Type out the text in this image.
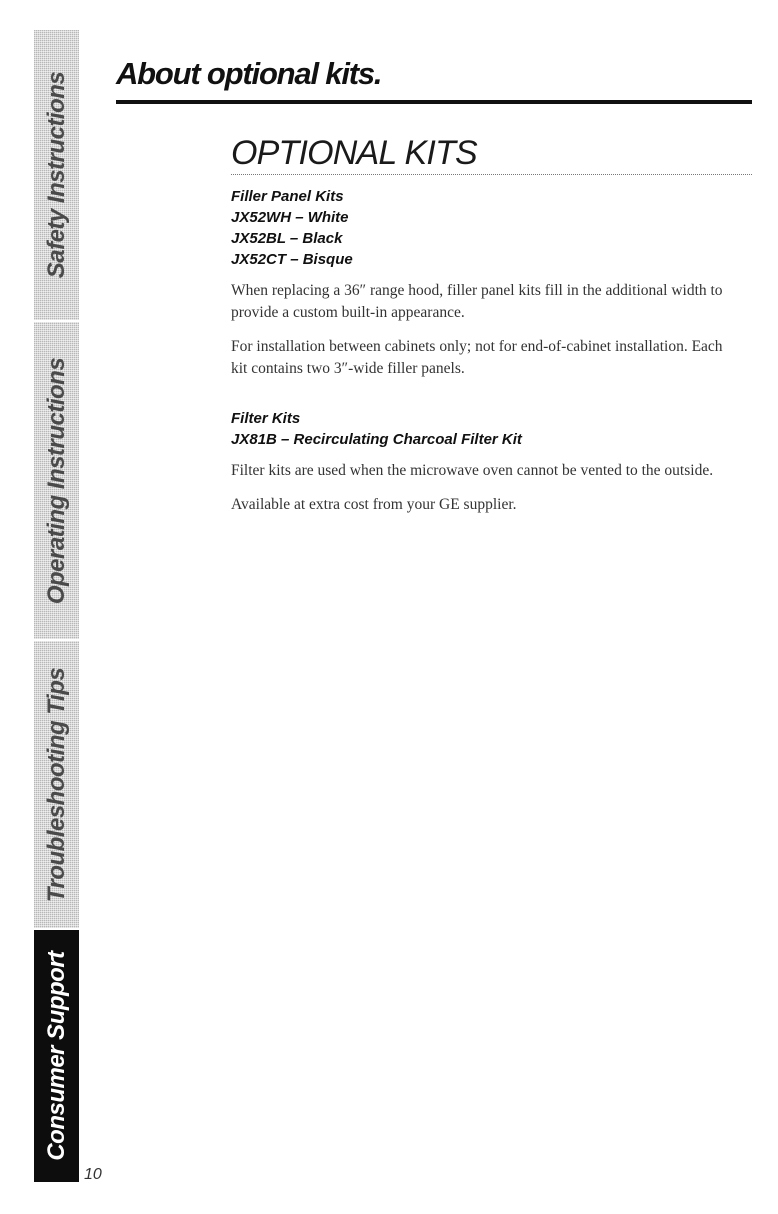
Safety Instructions
Operating Instructions
Troubleshooting Tips
Consumer Support
About optional kits.
OPTIONAL KITS

Filler Panel Kits

JX52WH – White

JX52BL – Black

JX52CT – Bisque

When replacing a 36″ range hood, filler panel kits fill in the additional width to provide a custom built-in appearance.

For installation between cabinets only; not for end-of-cabinet installation. Each kit contains two 3″-wide filler panels.

Filter Kits

JX81B – Recirculating Charcoal Filter Kit

Filter kits are used when the microwave oven cannot be vented to the outside.

Available at extra cost from your GE supplier.

10
